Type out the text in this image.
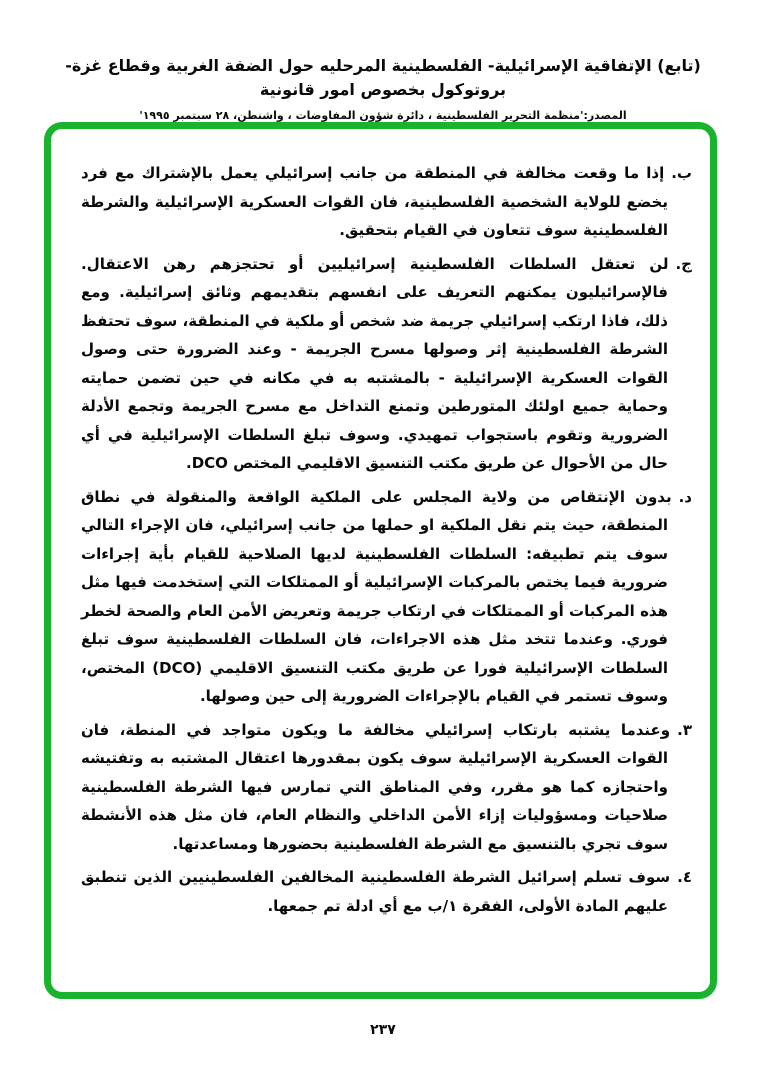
(تابع) الإتفاقية الإسرائيلية- الفلسطينية المرحليه حول الضفة الغربية وقطاع غزة- بروتوكول بخصوص امور قانونية
المصدر:'منظمة التحرير الفلسطينية ، دائرة شؤون المفاوضات ، واشنطن، ٢٨ سبتمبر ١٩٩٥'

ب.إذا ما وقعت مخالفة في المنطقة من جانب إسرائيلي يعمل بالإشتراك مع فرد يخضع للولاية الشخصية الفلسطينية، فان القوات العسكرية الإسرائيلية والشرطة الفلسطينية سوف تتعاون في القيام بتحقيق.

ج.لن تعتقل السلطات الفلسطينية إسرائيليين أو تحتجزهم رهن الاعتقال. فالإسرائيليون يمكنهم التعريف على انفسهم بتقديمهم وثائق إسرائيلية. ومع ذلك، فاذا ارتكب إسرائيلي جريمة ضد شخص أو ملكية في المنطقة، سوف تحتفظ الشرطة الفلسطينية إثر وصولها مسرح الجريمة - وعند الضرورة حتى وصول القوات العسكرية الإسرائيلية - بالمشتبه به في مكانه في حين تضمن حمايته وحماية جميع اولئك المتورطين وتمنع التداخل مع مسرح الجريمة وتجمع الأدلة الضرورية وتقوم باستجواب تمهيدي. وسوف تبلغ السلطات الإسرائيلية في أي حال من الأحوال عن طريق مكتب التنسيق الاقليمي المختص DCO.

د.بدون الإنتقاص من ولاية المجلس على الملكية الواقعة والمنقولة في نطاق المنطقة، حيث يتم نقل الملكية او حملها من جانب إسرائيلي، فان الإجراء التالي سوف يتم تطبيقه: السلطات الفلسطينية لديها الصلاحية للقيام بأية إجراءات ضرورية فيما يختص بالمركبات الإسرائيلية أو الممتلكات التي إستخدمت فيها مثل هذه المركبات أو الممتلكات في ارتكاب جريمة وتعريض الأمن العام والصحة لخطر فوري. وعندما تتخد مثل هذه الاجراءات، فان السلطات الفلسطينية سوف تبلغ السلطات الإسرائيلية فورا عن طريق مكتب التنسيق الاقليمي (DCO) المختص، وسوف تستمر في القيام بالإجراءات الضرورية إلى حين وصولها.

٣.وعندما يشتبه بارتكاب إسرائيلي مخالفة ما ويكون متواجد في المنطة، فان القوات العسكرية الإسرائيلية سوف يكون بمقدورها اعتقال المشتبه به وتفتيشه واحتجازه كما هو مقرر، وفي المناطق التي تمارس فيها الشرطة الفلسطينية صلاحيات ومسؤوليات إزاء الأمن الداخلي والنظام العام، فان مثل هذه الأنشطة سوف تجري بالتنسيق مع الشرطة الفلسطينية بحضورها ومساعدتها.

٤.سوف تسلم إسرائيل الشرطة الفلسطينية المخالفين الفلسطينيين الذين تنطبق عليهم المادة الأولى، الفقرة ١/ب مع أي ادلة تم جمعها.

٢٣٧
